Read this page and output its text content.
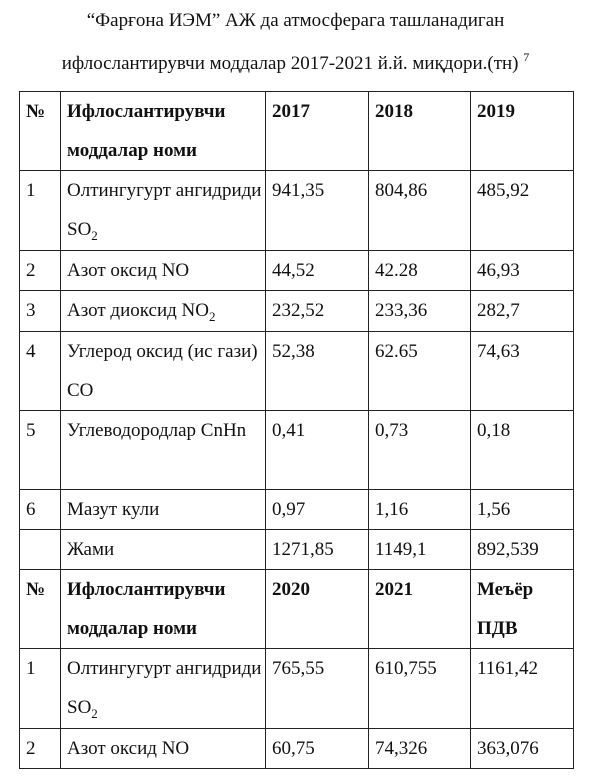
“Фарғона ИЭМ” АЖ да атмосферага ташланадиган
ифлослантирувчи моддалар 2017-2021 й.й. миқдори.(тн) $^7$
№	Ифлослантирувчи моддалар номи	2017	2018	2019
1	Олтингугурт ангидриди $SO_2$	941,35	804,86	485,92
2	Азот оксид NO	44,52	42.28	46,93
3	Азот диоксид $NO_2$	232,52	233,36	282,7
4	Углерод оксид (ис гази) CO	52,38	62.65	74,63
5	Углеводородлар CnHn	0,41	0,73	0,18
6	Мазут кули	0,97	1,16	1,56
	Жами	1271,85	1149,1	892,539
№	Ифлослантирувчи моддалар номи	2020	2021	Меъёр ПДВ
1	Олтингугурт ангидриди $SO_2$	765,55	610,755	1161,42
2	Азот оксид NO	60,75	74,326	363,076
